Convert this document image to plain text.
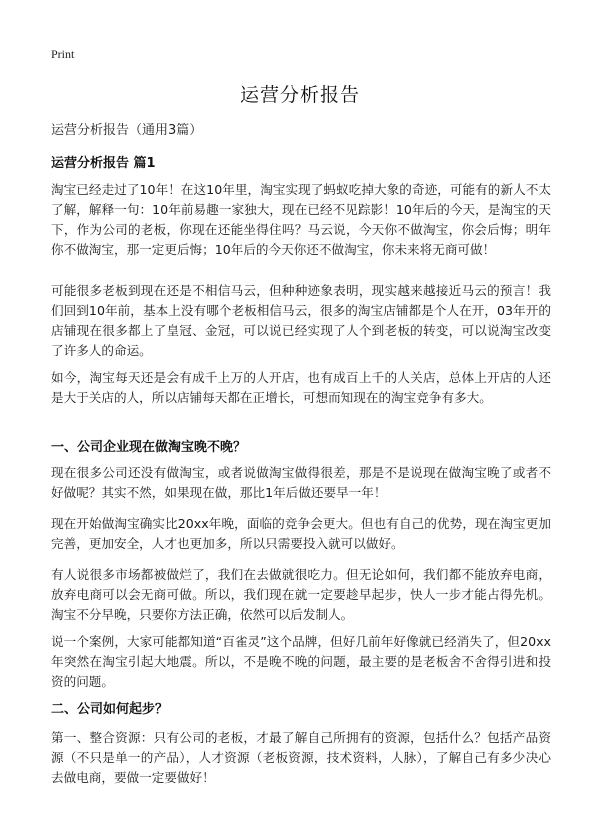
Print
运营分析报告
运营分析报告（通用3篇）
运营分析报告 篇1
淘宝已经走过了10年！在这10年里，淘宝实现了蚂蚁吃掉大象的奇迹，可能有的新人不太了解，解释一句：10年前易趣一家独大，现在已经不见踪影！10年后的今天，是淘宝的天下，作为公司的老板，你现在还能坐得住吗？马云说，今天你不做淘宝，你会后悔；明年你不做淘宝，那一定更后悔；10年后的今天你还不做淘宝，你未来将无商可做！
可能很多老板到现在还是不相信马云，但种种迹象表明，现实越来越接近马云的预言！我们回到10年前，基本上没有哪个老板相信马云，很多的淘宝店铺都是个人在开，03年开的店铺现在很多都上了皇冠、金冠，可以说已经实现了人个到老板的转变，可以说淘宝改变了许多人的命运。
如今，淘宝每天还是会有成千上万的人开店，也有成百上千的人关店，总体上开店的人还是大于关店的人，所以店铺每天都在正增长，可想而知现在的淘宝竞争有多大。
一、公司企业现在做淘宝晚不晚？
现在很多公司还没有做淘宝，或者说做淘宝做得很差，那是不是说现在做淘宝晚了或者不好做呢？其实不然，如果现在做，那比1年后做还要早一年！
现在开始做淘宝确实比20xx年晚，面临的竞争会更大。但也有自己的优势，现在淘宝更加完善，更加安全，人才也更加多，所以只需要投入就可以做好。
有人说很多市场都被做烂了，我们在去做就很吃力。但无论如何，我们都不能放弃电商，放弃电商可以会无商可做。所以，我们现在就一定要趁早起步，快人一步才能占得先机。淘宝不分早晚，只要你方法正确，依然可以后发制人。
说一个案例，大家可能都知道“百雀灵”这个品牌，但好几前年好像就已经消失了，但20xx年突然在淘宝引起大地震。所以，不是晚不晚的问题，最主要的是老板舍不舍得引进和投资的问题。
二、公司如何起步？
第一、整合资源：只有公司的老板，才最了解自己所拥有的资源，包括什么？包括产品资源（不只是单一的产品），人才资源（老板资源，技术资料，人脉），了解自己有多少决心去做电商，要做一定要做好！
